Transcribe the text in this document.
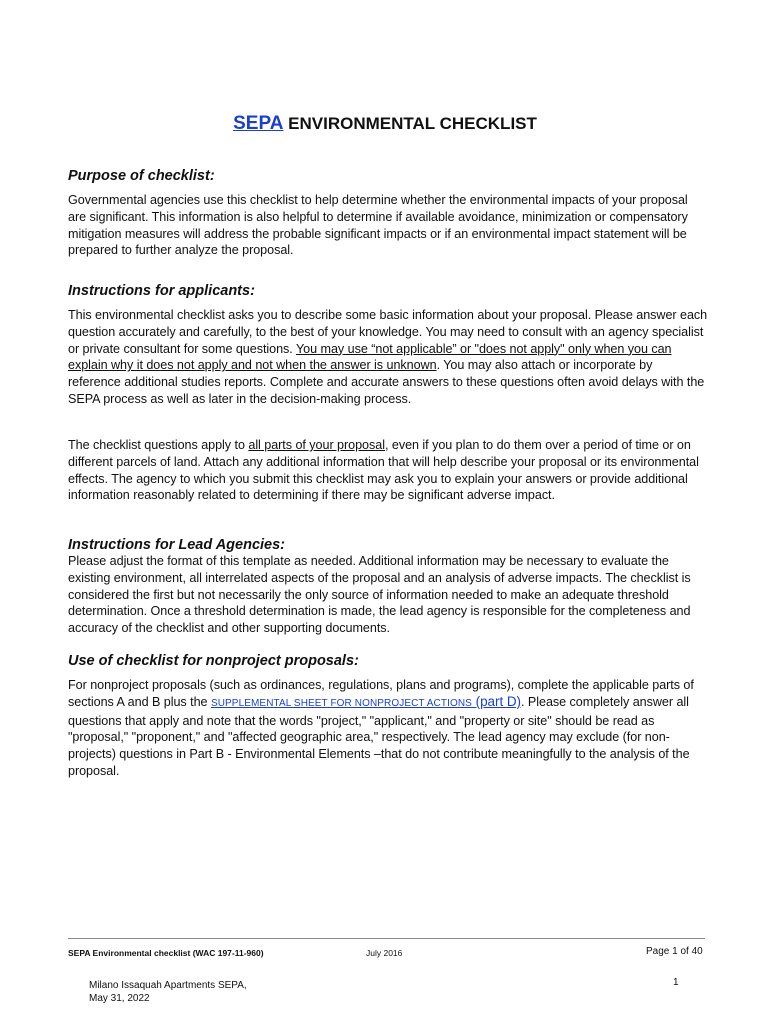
SEPA ENVIRONMENTAL CHECKLIST
Purpose of checklist:

Governmental agencies use this checklist to help determine whether the environmental impacts of your proposal are significant. This information is also helpful to determine if available avoidance, minimization or compensatory mitigation measures will address the probable significant impacts or if an environmental impact statement will be prepared to further analyze the proposal.

Instructions for applicants:

This environmental checklist asks you to describe some basic information about your proposal. Please answer each question accurately and carefully, to the best of your knowledge. You may need to consult with an agency specialist or private consultant for some questions. You may use “not applicable” or "does not apply" only when you can explain why it does not apply and not when the answer is unknown. You may also attach or incorporate by reference additional studies reports. Complete and accurate answers to these questions often avoid delays with the SEPA process as well as later in the decision-making process.

The checklist questions apply to all parts of your proposal, even if you plan to do them over a period of time or on different parcels of land. Attach any additional information that will help describe your proposal or its environmental effects. The agency to which you submit this checklist may ask you to explain your answers or provide additional information reasonably related to determining if there may be significant adverse impact.

Instructions for Lead Agencies:

Please adjust the format of this template as needed. Additional information may be necessary to evaluate the existing environment, all interrelated aspects of the proposal and an analysis of adverse impacts. The checklist is considered the first but not necessarily the only source of information needed to make an adequate threshold determination. Once a threshold determination is made, the lead agency is responsible for the completeness and accuracy of the checklist and other supporting documents.

Use of checklist for nonproject proposals:

For nonproject proposals (such as ordinances, regulations, plans and programs), complete the applicable parts of sections A and B plus the SUPPLEMENTAL SHEET FOR NONPROJECT ACTIONS (part D). Please completely answer all questions that apply and note that the words "project," "applicant," and "property or site" should be read as "proposal," "proponent," and "affected geographic area," respectively. The lead agency may exclude (for non-projects) questions in Part B - Environmental Elements –that do not contribute meaningfully to the analysis of the proposal.

SEPA Environmental checklist (WAC 197-11-960)	July 2016	Page 1 of 40
Milano Issaquah Apartments SEPA,
May 31, 2022
1
